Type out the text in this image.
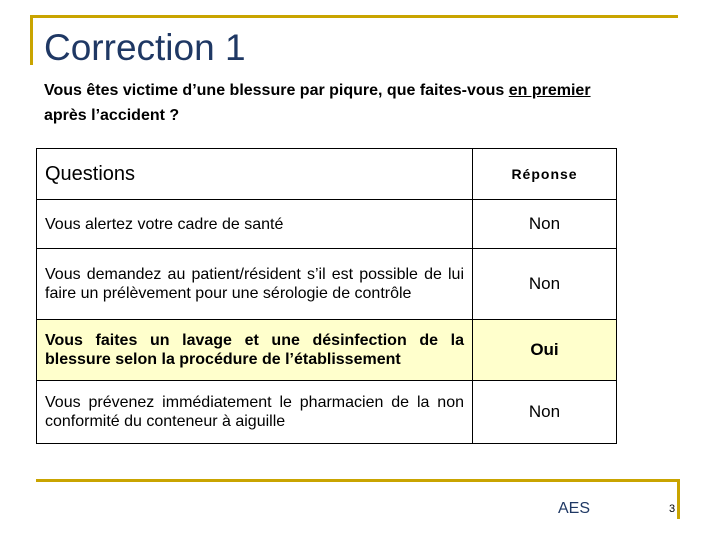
Correction 1
Vous êtes victime d’une blessure par piqure, que faites-vous en premier
après l’accident ?
Questions	Réponse
Vous alertez votre cadre de santé	Non
Vous demandez au patient/résident s’il est possible de lui faire un prélèvement pour une sérologie de contrôle	Non
Vous faites un lavage et une désinfection de la blessure selon la procédure de l’établissement	Oui
Vous prévenez immédiatement le pharmacien de la non conformité du conteneur à aiguille	Non
AES	3
